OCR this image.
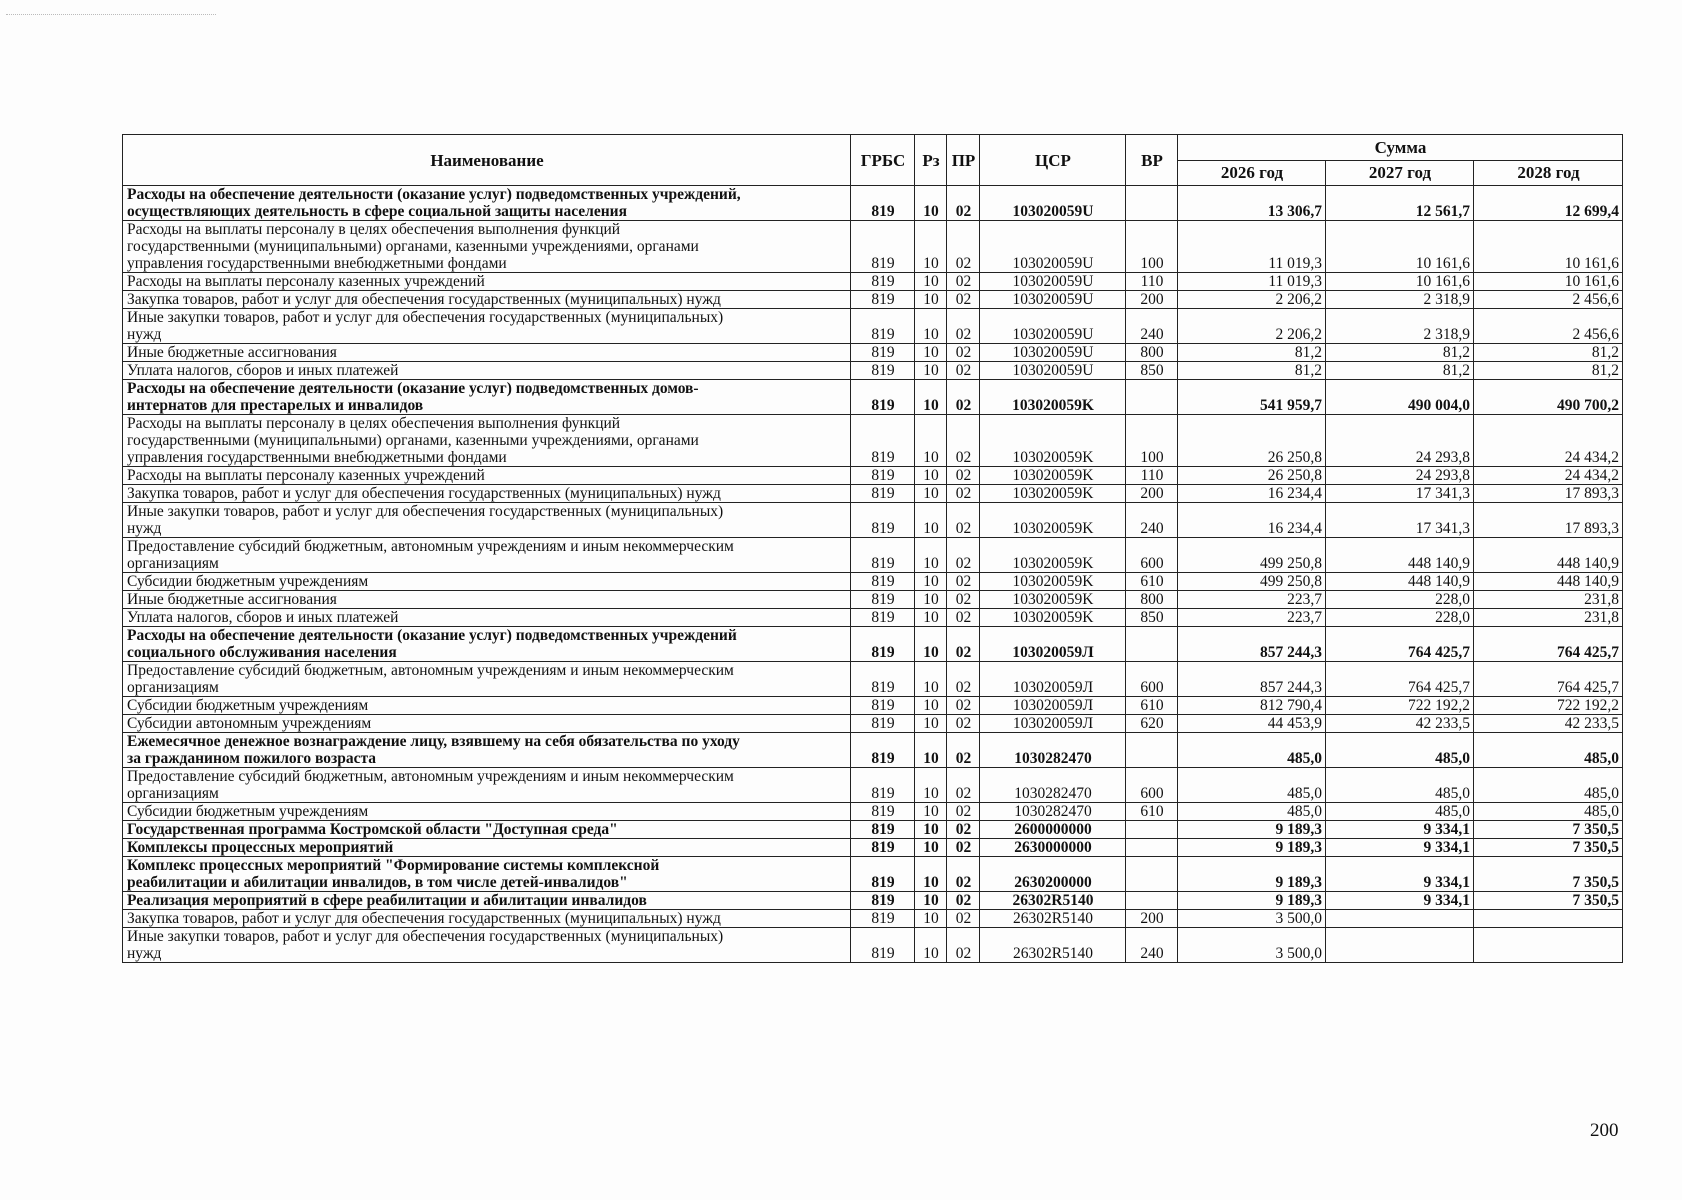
Наименование	ГРБС	Рз	ПР	ЦСР	ВР	Сумма		
						2026 год	2027 год	2028 год
Расходы на обеспечение деятельности (оказание услуг) подведомственных учреждений,
осуществляющих деятельность в сфере социальной защиты населения	819	10	02	103020059U		13 306,7	12 561,7	12 699,4
Расходы на выплаты персоналу в целях обеспечения выполнения функций
государственными (муниципальными) органами, казенными учреждениями, органами
управления государственными внебюджетными фондами	819	10	02	103020059U	100	11 019,3	10 161,6	10 161,6
Расходы на выплаты персоналу казенных учреждений	819	10	02	103020059U	110	11 019,3	10 161,6	10 161,6
Закупка товаров, работ и услуг для обеспечения государственных (муниципальных) нужд	819	10	02	103020059U	200	2 206,2	2 318,9	2 456,6
Иные закупки товаров, работ и услуг для обеспечения государственных (муниципальных)
нужд	819	10	02	103020059U	240	2 206,2	2 318,9	2 456,6
Иные бюджетные ассигнования	819	10	02	103020059U	800	81,2	81,2	81,2
Уплата налогов, сборов и иных платежей	819	10	02	103020059U	850	81,2	81,2	81,2
Расходы на обеспечение деятельности (оказание услуг) подведомственных домов-
интернатов для престарелых и инвалидов	819	10	02	103020059K		541 959,7	490 004,0	490 700,2
Расходы на выплаты персоналу в целях обеспечения выполнения функций
государственными (муниципальными) органами, казенными учреждениями, органами
управления государственными внебюджетными фондами	819	10	02	103020059K	100	26 250,8	24 293,8	24 434,2
Расходы на выплаты персоналу казенных учреждений	819	10	02	103020059K	110	26 250,8	24 293,8	24 434,2
Закупка товаров, работ и услуг для обеспечения государственных (муниципальных) нужд	819	10	02	103020059K	200	16 234,4	17 341,3	17 893,3
Иные закупки товаров, работ и услуг для обеспечения государственных (муниципальных)
нужд	819	10	02	103020059K	240	16 234,4	17 341,3	17 893,3
Предоставление субсидий бюджетным, автономным учреждениям и иным некоммерческим
организациям	819	10	02	103020059K	600	499 250,8	448 140,9	448 140,9
Субсидии бюджетным учреждениям	819	10	02	103020059K	610	499 250,8	448 140,9	448 140,9
Иные бюджетные ассигнования	819	10	02	103020059K	800	223,7	228,0	231,8
Уплата налогов, сборов и иных платежей	819	10	02	103020059K	850	223,7	228,0	231,8
Расходы на обеспечение деятельности (оказание услуг) подведомственных учреждений
социального обслуживания населения	819	10	02	103020059Л		857 244,3	764 425,7	764 425,7
Предоставление субсидий бюджетным, автономным учреждениям и иным некоммерческим
организациям	819	10	02	103020059Л	600	857 244,3	764 425,7	764 425,7
Субсидии бюджетным учреждениям	819	10	02	103020059Л	610	812 790,4	722 192,2	722 192,2
Субсидии автономным учреждениям	819	10	02	103020059Л	620	44 453,9	42 233,5	42 233,5
Ежемесячное денежное вознаграждение лицу, взявшему на себя обязательства по уходу
за гражданином пожилого возраста	819	10	02	1030282470		485,0	485,0	485,0
Предоставление субсидий бюджетным, автономным учреждениям и иным некоммерческим
организациям	819	10	02	1030282470	600	485,0	485,0	485,0
Субсидии бюджетным учреждениям	819	10	02	1030282470	610	485,0	485,0	485,0
Государственная программа Костромской области "Доступная среда"	819	10	02	2600000000		9 189,3	9 334,1	7 350,5
Комплексы процессных мероприятий	819	10	02	2630000000		9 189,3	9 334,1	7 350,5
Комплекс процессных мероприятий "Формирование системы комплексной
реабилитации и абилитации инвалидов, в том числе детей-инвалидов"	819	10	02	2630200000		9 189,3	9 334,1	7 350,5
Реализация мероприятий в сфере реабилитации и абилитации инвалидов	819	10	02	26302R5140		9 189,3	9 334,1	7 350,5
Закупка товаров, работ и услуг для обеспечения государственных (муниципальных) нужд	819	10	02	26302R5140	200	3 500,0		
Иные закупки товаров, работ и услуг для обеспечения государственных (муниципальных)
нужд	819	10	02	26302R5140	240	3 500,0		
200
